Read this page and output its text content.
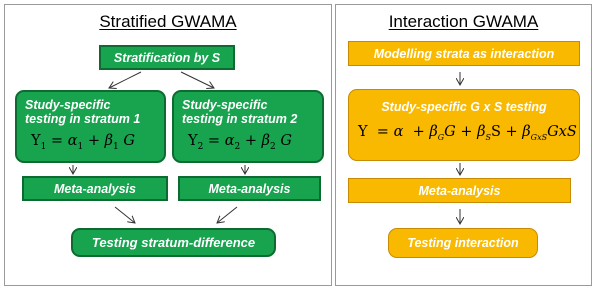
Stratified GWAMA
Stratification by S
Study-specific
testing in stratum 1
$Y_1 = \alpha_1 + \beta_1$ G
Study-specific
testing in stratum 2
$Y_2 = \alpha_2 + \beta_2$ G
Meta-analysis	Meta-analysis
Testing stratum-difference
Interaction GWAMA
Modelling strata as interaction
Study-specific G x S testing
$Y = \alpha + \beta_GG + \beta_SS + \beta_{GxS}GxS$
Meta-analysis
Testing interaction
